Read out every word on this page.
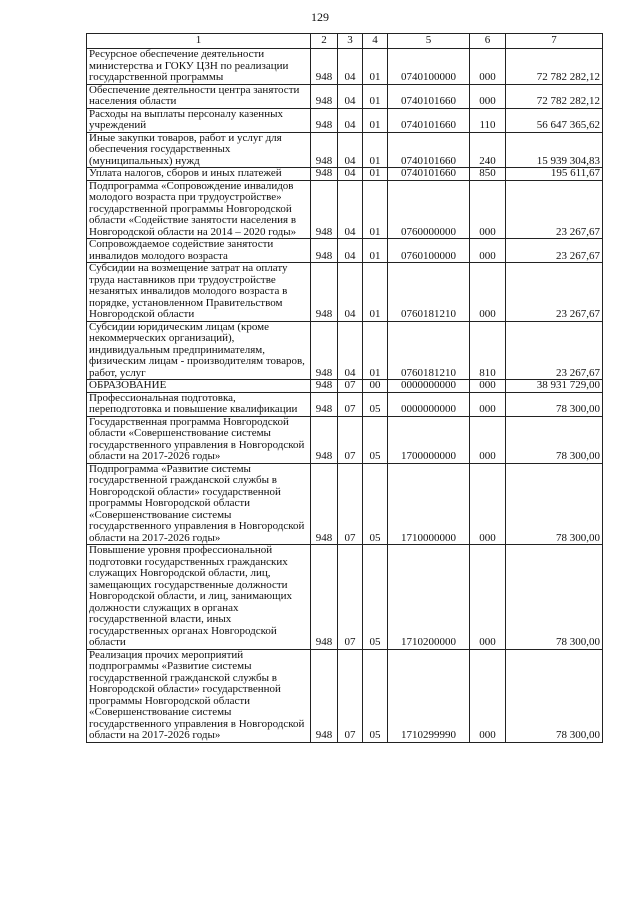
129
1	2	3	4	5	6	7
Ресурсное обеспечение деятельности министерства и ГОКУ ЦЗН по реализации государственной программы	948	04	01	0740100000	000	72 782 282,12
Обеспечение деятельности центра занятости населения области	948	04	01	0740101660	000	72 782 282,12
Расходы на выплаты персоналу казенных учреждений	948	04	01	0740101660	110	56 647 365,62
Иные закупки товаров, работ и услуг для обеспечения государственных (муниципальных) нужд	948	04	01	0740101660	240	15 939 304,83
Уплата налогов, сборов и иных платежей	948	04	01	0740101660	850	195 611,67
Подпрограмма «Сопровождение инвалидов молодого возраста при трудоустройстве» государственной программы Новгородской области «Содействие занятости населения в Новгородской области на 2014 – 2020 годы»	948	04	01	0760000000	000	23 267,67
Сопровождаемое содействие занятости инвалидов молодого возраста	948	04	01	0760100000	000	23 267,67
Субсидии на возмещение затрат на оплату труда наставников при трудоустройстве незанятых инвалидов молодого возраста в порядке, установленном Правительством Новгородской области	948	04	01	0760181210	000	23 267,67
Субсидии юридическим лицам (кроме некоммерческих организаций), индивидуальным предпринимателям, физическим лицам - производителям товаров, работ, услуг	948	04	01	0760181210	810	23 267,67
ОБРАЗОВАНИЕ	948	07	00	0000000000	000	38 931 729,00
Профессиональная подготовка, переподготовка и повышение квалификации	948	07	05	0000000000	000	78 300,00
Государственная программа Новгородской области «Совершенствование системы государственного управления в Новгородской области на 2017-2026 годы»	948	07	05	1700000000	000	78 300,00
Подпрограмма «Развитие системы государственной гражданской службы в Новгородской области» государственной программы Новгородской области «Совершенствование системы государственного управления в Новгородской области на 2017-2026 годы»	948	07	05	1710000000	000	78 300,00
Повышение уровня профессиональной подготовки государственных гражданских служащих Новгородской области, лиц, замещающих государственные должности Новгородской области, и лиц, занимающих должности служащих в органах государственной власти, иных государственных органах Новгородской области	948	07	05	1710200000	000	78 300,00
Реализация прочих мероприятий подпрограммы «Развитие системы государственной гражданской службы в Новгородской области» государственной программы Новгородской области «Совершенствование системы государственного управления в Новгородской области на 2017-2026 годы»	948	07	05	1710299990	000	78 300,00
